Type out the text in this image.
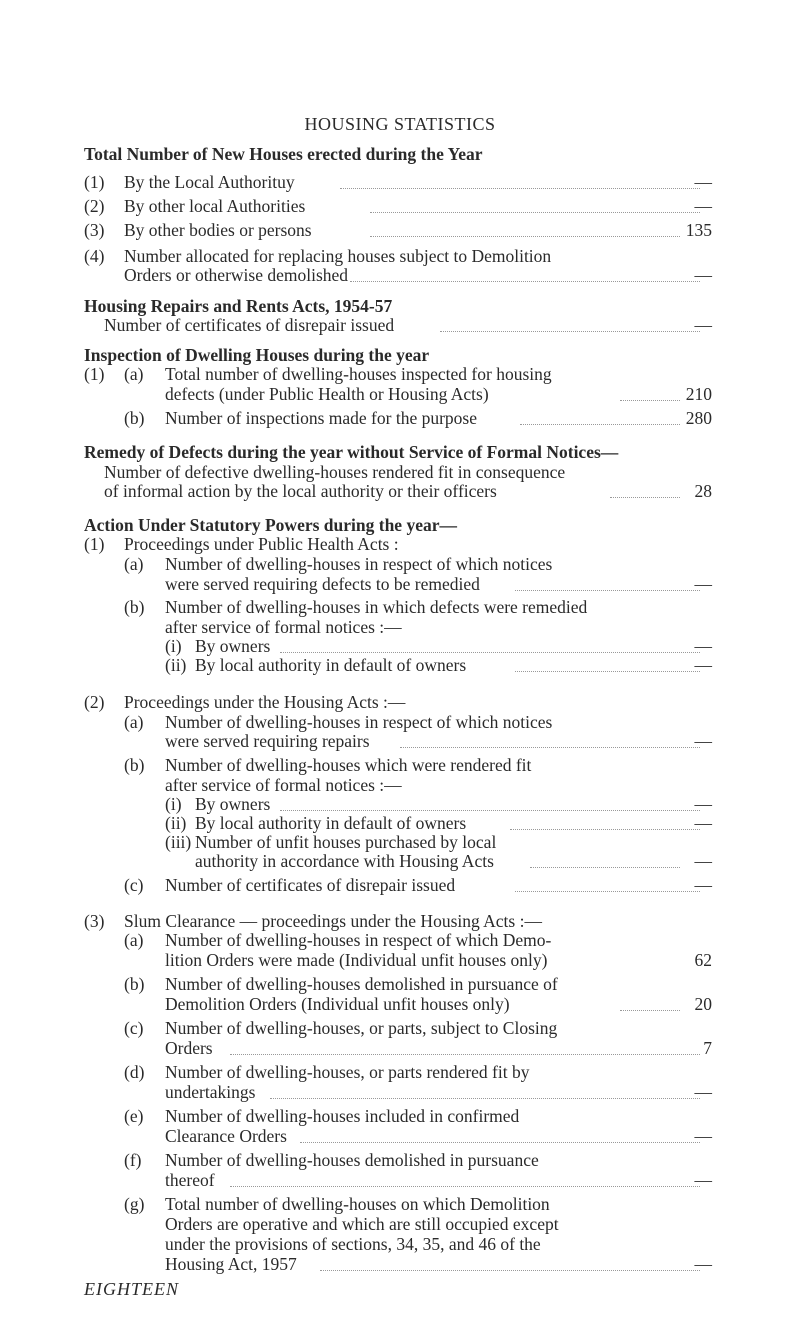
HOUSING STATISTICS
Total Number of New Houses erected during the Year
(1) By the Local Authorituy	—
(2) By other local Authorities	—
(3) By other bodies or persons	135
(4) Number allocated for replacing houses subject to Demolition
Orders or otherwise demolished	—
Housing Repairs and Rents Acts, 1954-57
Number of certificates of disrepair issued	—
Inspection of Dwelling Houses during the year
(1) (a) Total number of dwelling-houses inspected for housing
defects (under Public Health or Housing Acts)	210
(b) Number of inspections made for the purpose	280
Remedy of Defects during the year without Service of Formal Notices—
Number of defective dwelling-houses rendered fit in consequence
of informal action by the local authority or their officers	28
Action Under Statutory Powers during the year—
(1) Proceedings under Public Health Acts :
(a) Number of dwelling-houses in respect of which notices
were served requiring defects to be remedied	—
(b) Number of dwelling-houses in which defects were remedied
after service of formal notices :—
(i) By owners	—
(ii) By local authority in default of owners	—
(2) Proceedings under the Housing Acts :—
(a) Number of dwelling-houses in respect of which notices
were served requiring repairs	—
(b) Number of dwelling-houses which were rendered fit
after service of formal notices :—
(i) By owners	—
(ii) By local authority in default of owners	—
(iii) Number of unfit houses purchased by local
authority in accordance with Housing Acts	—
(c) Number of certificates of disrepair issued	—
(3) Slum Clearance — proceedings under the Housing Acts :—
(a) Number of dwelling-houses in respect of which Demo-
lition Orders were made (Individual unfit houses only)	62
(b) Number of dwelling-houses demolished in pursuance of
Demolition Orders (Individual unfit houses only)	20
(c) Number of dwelling-houses, or parts, subject to Closing
Orders	7
(d) Number of dwelling-houses, or parts rendered fit by
undertakings	—
(e) Number of dwelling-houses included in confirmed
Clearance Orders	—
(f) Number of dwelling-houses demolished in pursuance
thereof	—
(g) Total number of dwelling-houses on which Demolition
Orders are operative and which are still occupied except
under the provisions of sections, 34, 35, and 46 of the
Housing Act, 1957	—
EIGHTEEN
